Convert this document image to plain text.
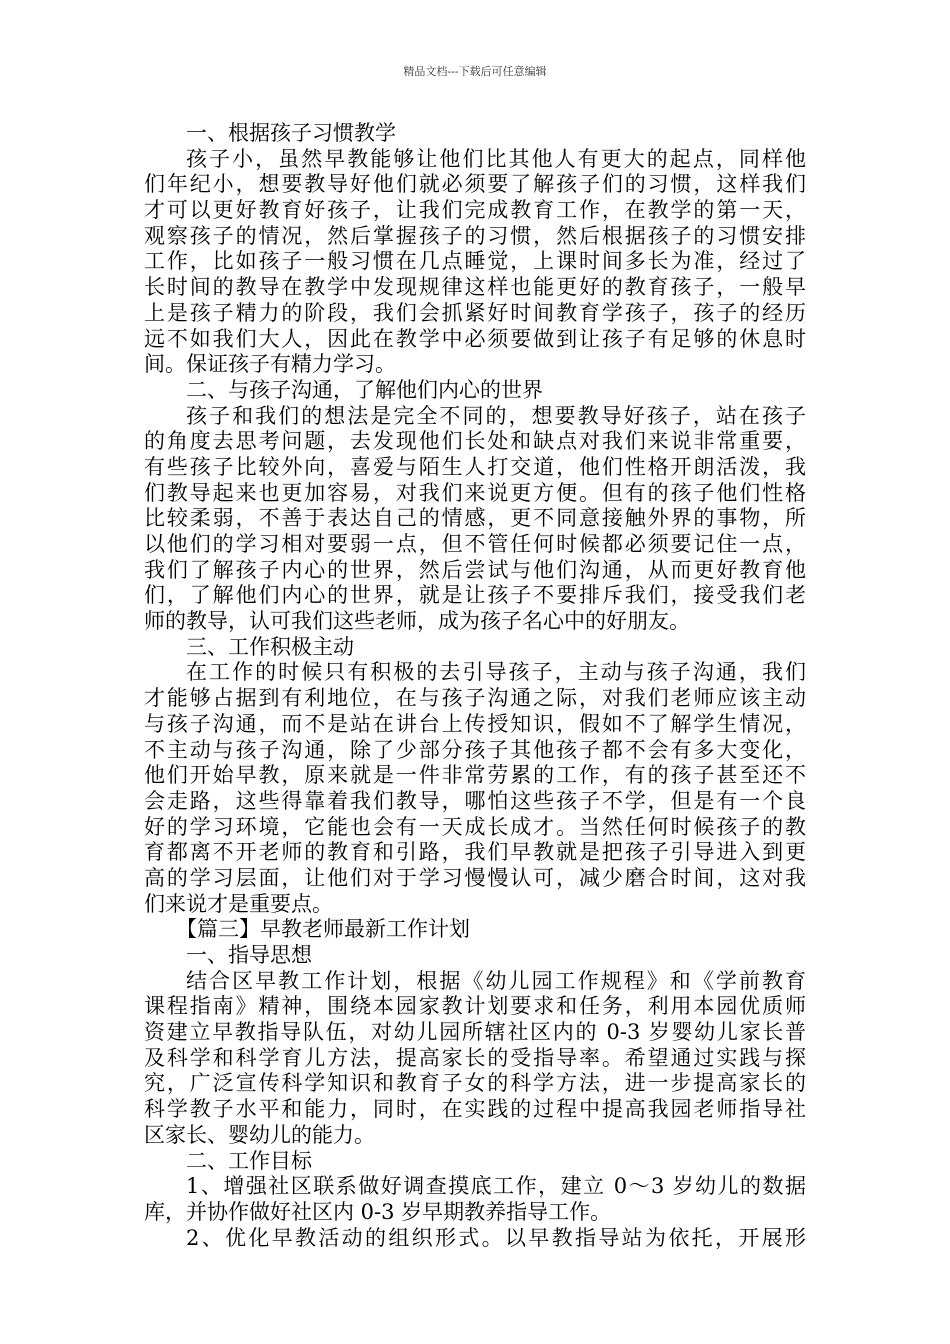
精品文档---下载后可任意编辑
一、根据孩子习惯教学
孩子小，虽然早教能够让他们比其他人有更大的起点，同样他
们年纪小，想要教导好他们就必须要了解孩子们的习惯，这样我们
才可以更好教育好孩子，让我们完成教育工作，在教学的第一天，
观察孩子的情况，然后掌握孩子的习惯，然后根据孩子的习惯安排
工作，比如孩子一般习惯在几点睡觉，上课时间多长为准，经过了
长时间的教导在教学中发现规律这样也能更好的教育孩子，一般早
上是孩子精力的阶段，我们会抓紧好时间教育学孩子，孩子的经历
远不如我们大人，因此在教学中必须要做到让孩子有足够的休息时
间。保证孩子有精力学习。
二、与孩子沟通，了解他们内心的世界
孩子和我们的想法是完全不同的，想要教导好孩子，站在孩子
的角度去思考问题，去发现他们长处和缺点对我们来说非常重要，
有些孩子比较外向，喜爱与陌生人打交道，他们性格开朗活泼，我
们教导起来也更加容易，对我们来说更方便。但有的孩子他们性格
比较柔弱，不善于表达自己的情感，更不同意接触外界的事物，所
以他们的学习相对要弱一点，但不管任何时候都必须要记住一点，
我们了解孩子内心的世界，然后尝试与他们沟通，从而更好教育他
们，了解他们内心的世界，就是让孩子不要排斥我们，接受我们老
师的教导，认可我们这些老师，成为孩子名心中的好朋友。
三、工作积极主动
在工作的时候只有积极的去引导孩子，主动与孩子沟通，我们
才能够占据到有利地位，在与孩子沟通之际，对我们老师应该主动
与孩子沟通，而不是站在讲台上传授知识，假如不了解学生情况，
不主动与孩子沟通，除了少部分孩子其他孩子都不会有多大变化，
他们开始早教，原来就是一件非常劳累的工作，有的孩子甚至还不
会走路，这些得靠着我们教导，哪怕这些孩子不学，但是有一个良
好的学习环境，它能也会有一天成长成才。当然任何时候孩子的教
育都离不开老师的教育和引路，我们早教就是把孩子引导进入到更
高的学习层面，让他们对于学习慢慢认可，减少磨合时间，这对我
们来说才是重要点。
【篇三】早教老师最新工作计划
一、指导思想
结合区早教工作计划，根据《幼儿园工作规程》和《学前教育
课程指南》精神，围绕本园家教计划要求和任务，利用本园优质师
资建立早教指导队伍，对幼儿园所辖社区内的 0-3 岁婴幼儿家长普
及科学和科学育儿方法，提高家长的受指导率。希望通过实践与探
究，广泛宣传科学知识和教育子女的科学方法，进一步提高家长的
科学教子水平和能力，同时，在实践的过程中提高我园老师指导社
区家长、婴幼儿的能力。
二、工作目标
1、增强社区联系做好调查摸底工作，建立 0～3 岁幼儿的数据
库，并协作做好社区内 0-3 岁早期教养指导工作。
2、优化早教活动的组织形式。以早教指导站为依托，开展形
